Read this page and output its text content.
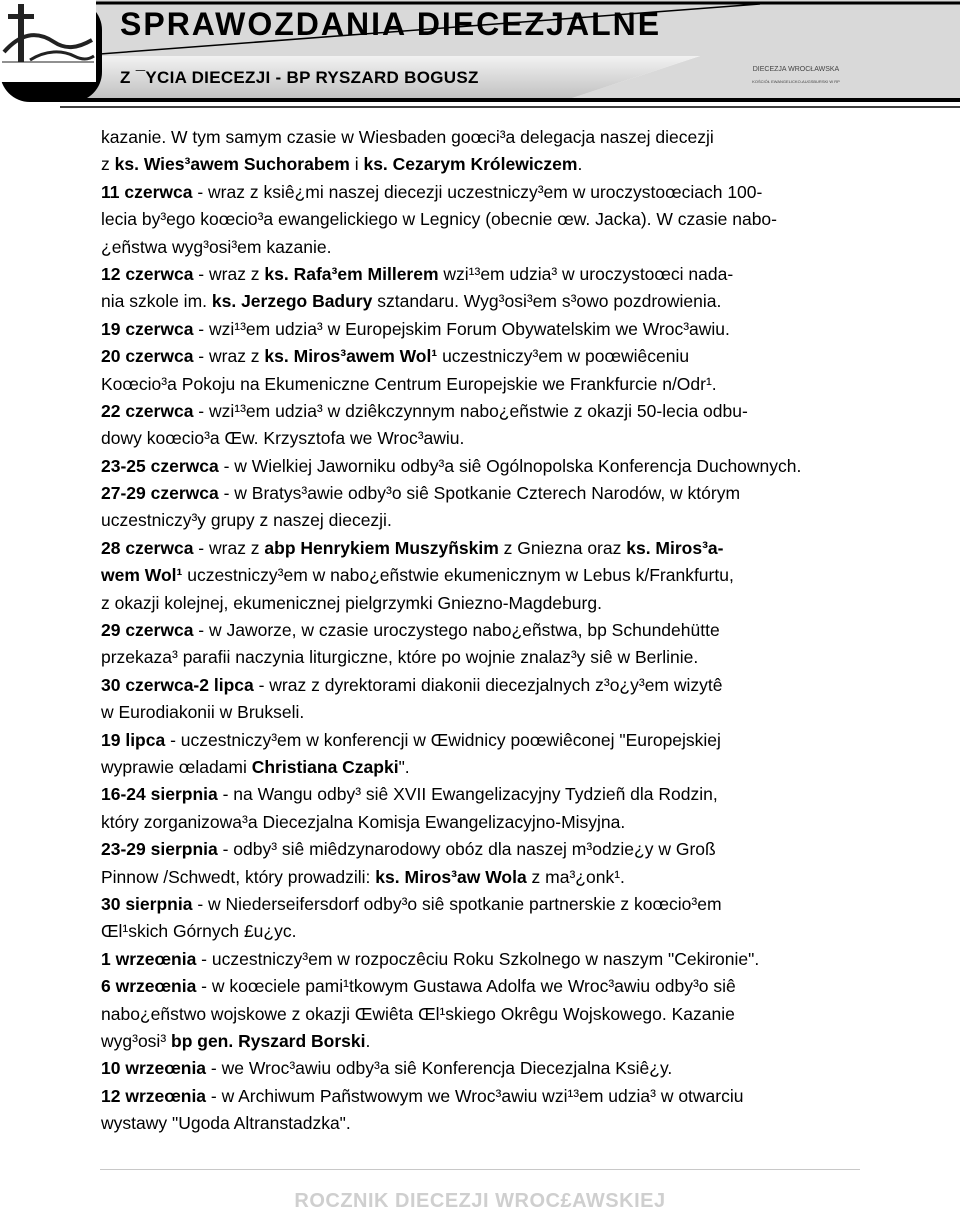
SPRAWOZDANIA DIECEZJALNE
Z ¯YCIA DIECEZJI - BP RYSZARD BOGUSZ	DIECEZJA WROCŁAWSKA
KOŚCIÓŁ EWANGELICKO-AUGSBURSKI W RP
kazanie. W tym samym czasie w Wiesbaden goœci³a delegacja naszej diecezji
z ks. Wies³awem Suchorabem i ks. Cezarym Królewiczem.
11 czerwca - wraz z ksiê¿mi naszej diecezji uczestniczy³em w uroczystoœciach 100-
lecia by³ego koœcio³a ewangelickiego w Legnicy (obecnie œw. Jacka). W czasie nabo-
¿eñstwa wyg³osi³em kazanie.
12 czerwca - wraz z ks. Rafa³em Millerem wzi¹³em udzia³ w uroczystoœci nada-
nia szkole im. ks. Jerzego Badury sztandaru. Wyg³osi³em s³owo pozdrowienia.
19 czerwca - wzi¹³em udzia³ w Europejskim Forum Obywatelskim we Wroc³awiu.
20 czerwca - wraz z ks. Miros³awem Wol¹ uczestniczy³em w poœwiêceniu
Koœcio³a Pokoju na Ekumeniczne Centrum Europejskie we Frankfurcie n/Odr¹.
22 czerwca - wzi¹³em udzia³ w dziêkczynnym nabo¿eñstwie z okazji 50-lecia odbu-
dowy koœcio³a Œw. Krzysztofa we Wroc³awiu.
23-25 czerwca - w Wielkiej Jaworniku odby³a siê Ogólnopolska Konferencja Duchownych.
27-29 czerwca - w Bratys³awie odby³o siê Spotkanie Czterech Narodów, w którym
uczestniczy³y grupy z naszej diecezji.
28 czerwca - wraz z abp Henrykiem Muszyñskim z Gniezna oraz ks. Miros³a-
wem Wol¹ uczestniczy³em w nabo¿eñstwie ekumenicznym w Lebus k/Frankfurtu,
z okazji kolejnej, ekumenicznej pielgrzymki Gniezno-Magdeburg.
29 czerwca - w Jaworze, w czasie uroczystego nabo¿eñstwa, bp Schundehütte
przekaza³ parafii naczynia liturgiczne, które po wojnie znalaz³y siê w Berlinie.
30 czerwca-2 lipca - wraz z dyrektorami diakonii diecezjalnych z³o¿y³em wizytê
w Eurodiakonii w Brukseli.
19 lipca - uczestniczy³em w konferencji w Œwidnicy poœwiêconej "Europejskiej
wyprawie œladami Christiana Czapki".
16-24 sierpnia - na Wangu odby³ siê XVII Ewangelizacyjny Tydzieñ dla Rodzin,
który zorganizowa³a Diecezjalna Komisja Ewangelizacyjno-Misyjna.
23-29 sierpnia - odby³ siê miêdzynarodowy obóz dla naszej m³odzie¿y w Groß
Pinnow /Schwedt, który prowadzili: ks. Miros³aw Wola z ma³¿onk¹.
30 sierpnia - w Niederseifersdorf odby³o siê spotkanie partnerskie z koœcio³em
Œl¹skich Górnych £u¿yc.
1 wrzeœnia - uczestniczy³em w rozpoczêciu Roku Szkolnego w naszym "Cekironie".
6 wrzeœnia - w koœciele pami¹tkowym Gustawa Adolfa we Wroc³awiu odby³o siê
nabo¿eñstwo wojskowe z okazji Œwiêta Œl¹skiego Okrêgu Wojskowego. Kazanie
wyg³osi³ bp gen. Ryszard Borski.
10 wrzeœnia - we Wroc³awiu odby³a siê Konferencja Diecezjalna Ksiê¿y.
12 wrzeœnia - w Archiwum Pañstwowym we Wroc³awiu wzi¹³em udzia³ w otwarciu
wystawy "Ugoda Altranstadzka".
ROCZNIK DIECEZJI WROC£AWSKIEJ
